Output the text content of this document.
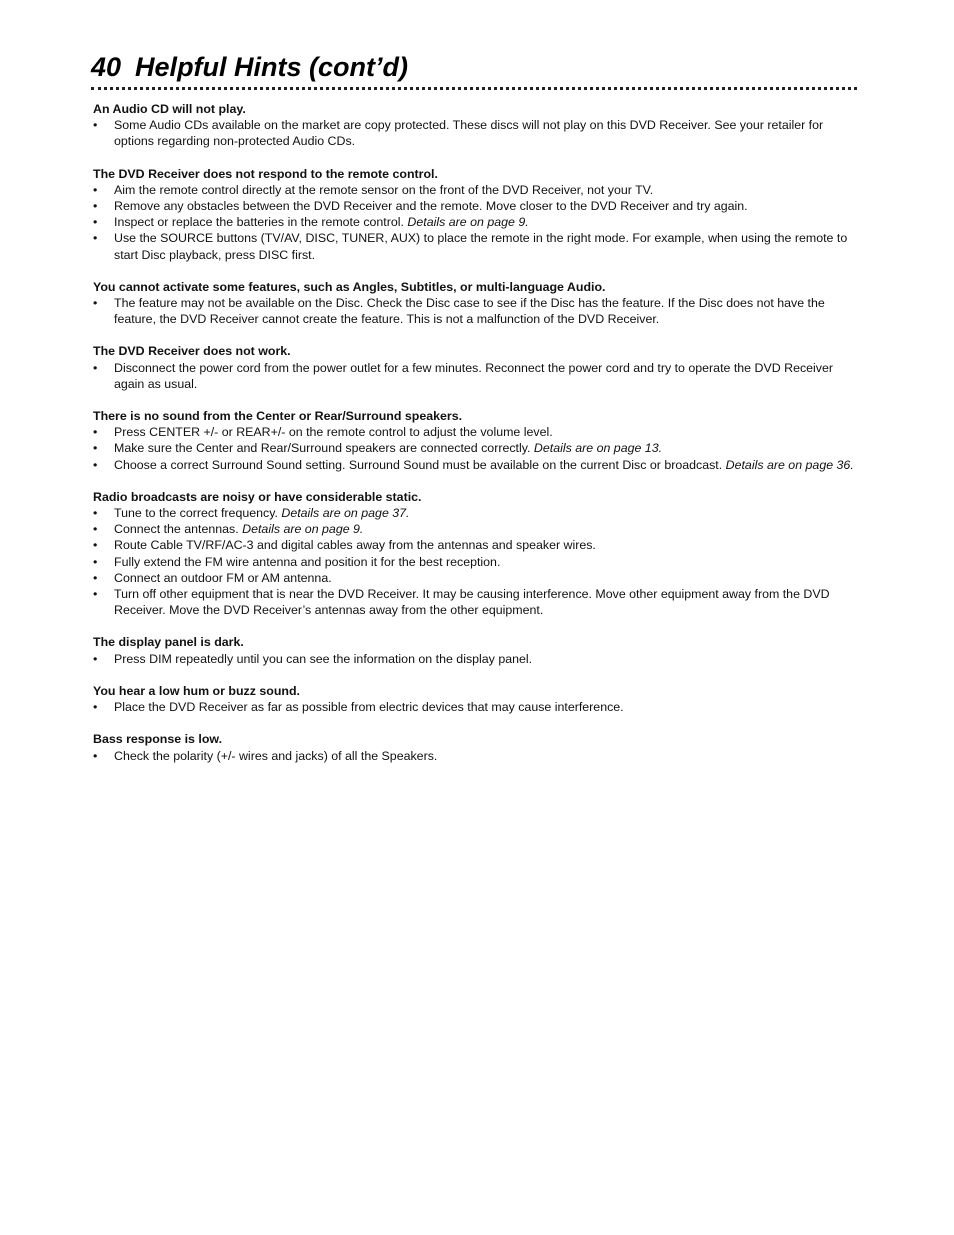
40 Helpful Hints (cont’d)

An Audio CD will not play.

• Some Audio CDs available on the market are copy protected. These discs will not play on this DVD Receiver. See your retailer for options regarding non-protected Audio CDs.

The DVD Receiver does not respond to the remote control.

• Aim the remote control directly at the remote sensor on the front of the DVD Receiver, not your TV.
• Remove any obstacles between the DVD Receiver and the remote. Move closer to the DVD Receiver and try again.
• Inspect or replace the batteries in the remote control. Details are on page 9.
• Use the SOURCE buttons (TV/AV, DISC, TUNER, AUX) to place the remote in the right mode. For example, when using the remote to start Disc playback, press DISC first.

You cannot activate some features, such as Angles, Subtitles, or multi-language Audio.

• The feature may not be available on the Disc. Check the Disc case to see if the Disc has the feature. If the Disc does not have the feature, the DVD Receiver cannot create the feature. This is not a malfunction of the DVD Receiver.

The DVD Receiver does not work.

• Disconnect the power cord from the power outlet for a few minutes. Reconnect the power cord and try to operate the DVD Receiver again as usual.

There is no sound from the Center or Rear/Surround speakers.

• Press CENTER +/- or REAR+/- on the remote control to adjust the volume level.
• Make sure the Center and Rear/Surround speakers are connected correctly. Details are on page 13.
• Choose a correct Surround Sound setting. Surround Sound must be available on the current Disc or broadcast. Details are on page 36.

Radio broadcasts are noisy or have considerable static.

• Tune to the correct frequency. Details are on page 37.
• Connect the antennas. Details are on page 9.
• Route Cable TV/RF/AC-3 and digital cables away from the antennas and speaker wires.
• Fully extend the FM wire antenna and position it for the best reception.
• Connect an outdoor FM or AM antenna.
• Turn off other equipment that is near the DVD Receiver. It may be causing interference. Move other equipment away from the DVD Receiver. Move the DVD Receiver’s antennas away from the other equipment.

The display panel is dark.

• Press DIM repeatedly until you can see the information on the display panel.

You hear a low hum or buzz sound.

• Place the DVD Receiver as far as possible from electric devices that may cause interference.

Bass response is low.

• Check the polarity (+/- wires and jacks) of all the Speakers.
